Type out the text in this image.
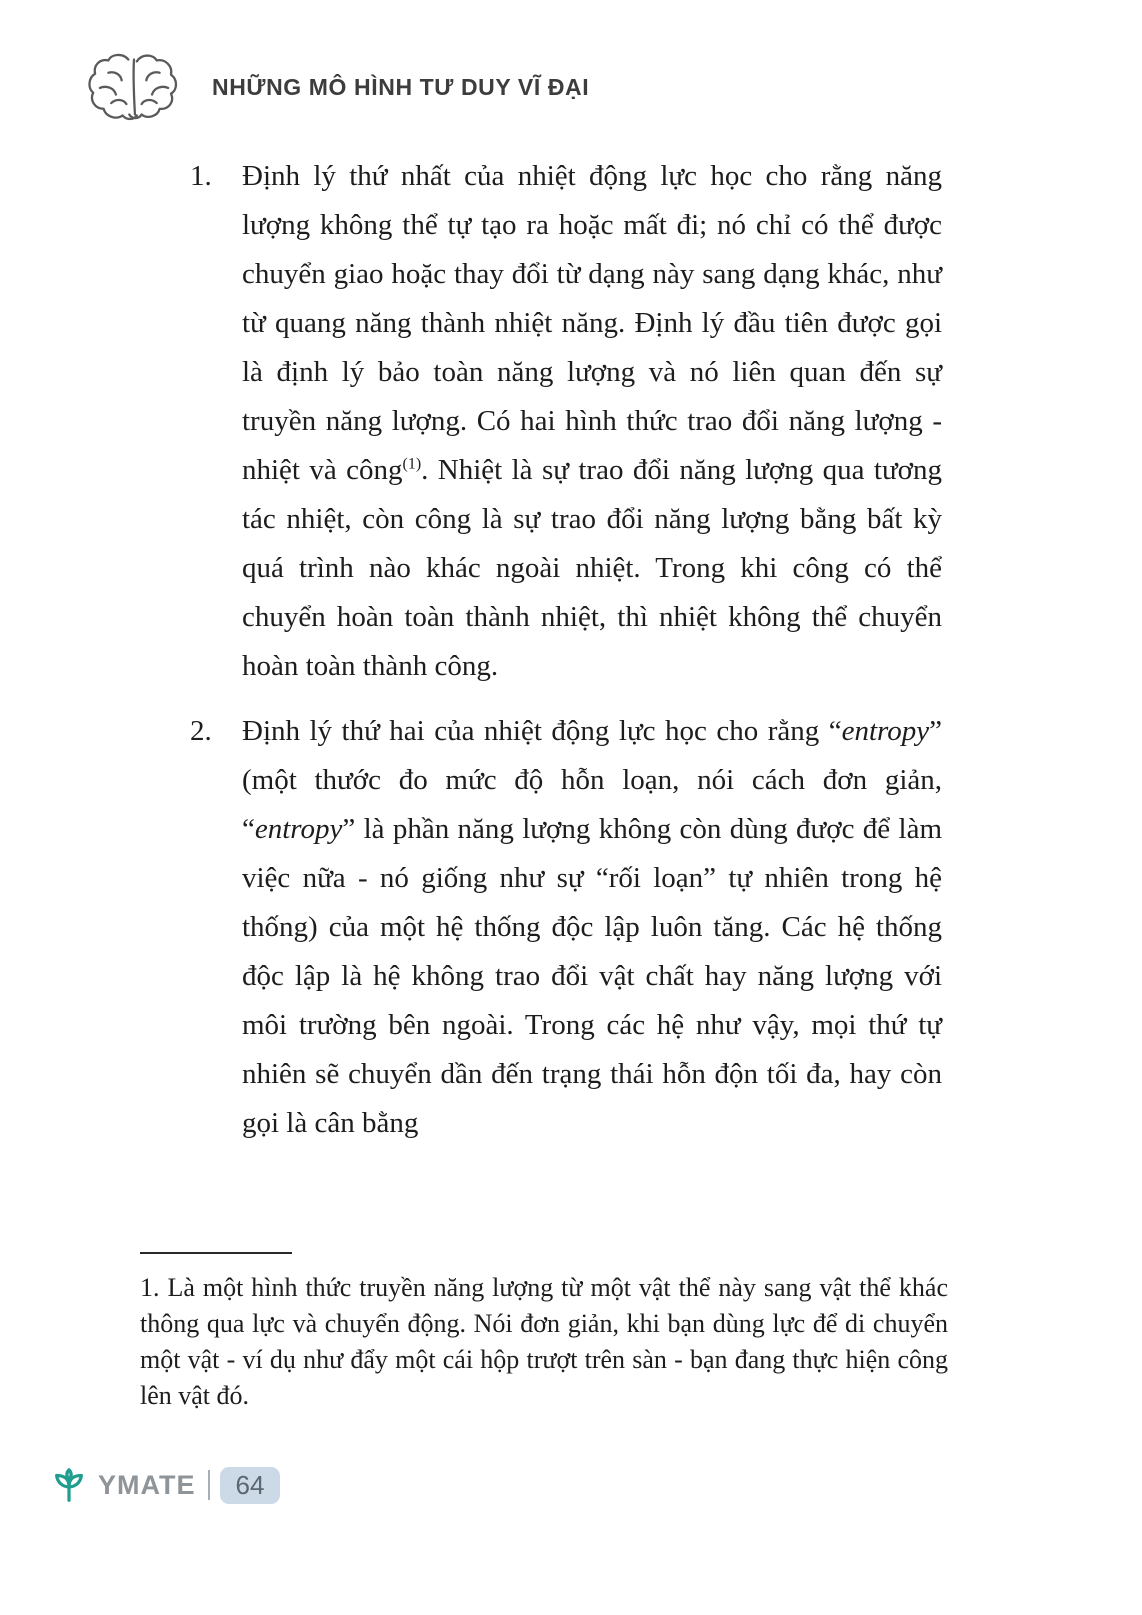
NHỮNG MÔ HÌNH TƯ DUY VĨ ĐẠI
1.	Định lý thứ nhất của nhiệt động lực học cho rằng năng lượng không thể tự tạo ra hoặc mất đi; nó chỉ có thể được chuyển giao hoặc thay đổi từ dạng này sang dạng khác, như từ quang năng thành nhiệt năng. Định lý đầu tiên được gọi là định lý bảo toàn năng lượng và nó liên quan đến sự truyền năng lượng. Có hai hình thức trao đổi năng lượng - nhiệt và công$^{(1)}$. Nhiệt là sự trao đổi năng lượng qua tương tác nhiệt, còn công là sự trao đổi năng lượng bằng bất kỳ quá trình nào khác ngoài nhiệt. Trong khi công có thể chuyển hoàn toàn thành nhiệt, thì nhiệt không thể chuyển hoàn toàn thành công.
2.	Định lý thứ hai của nhiệt động lực học cho rằng “entropy” (một thước đo mức độ hỗn loạn, nói cách đơn giản, “entropy” là phần năng lượng không còn dùng được để làm việc nữa - nó giống như sự “rối loạn” tự nhiên trong hệ thống) của một hệ thống độc lập luôn tăng. Các hệ thống độc lập là hệ không trao đổi vật chất hay năng lượng với môi trường bên ngoài. Trong các hệ như vậy, mọi thứ tự nhiên sẽ chuyển dần đến trạng thái hỗn độn tối đa, hay còn gọi là cân bằng
1. Là một hình thức truyền năng lượng từ một vật thể này sang vật thể khác thông qua lực và chuyển động. Nói đơn giản, khi bạn dùng lực để di chuyển một vật - ví dụ như đẩy một cái hộp trượt trên sàn - bạn đang thực hiện công lên vật đó.
YMATE	64
